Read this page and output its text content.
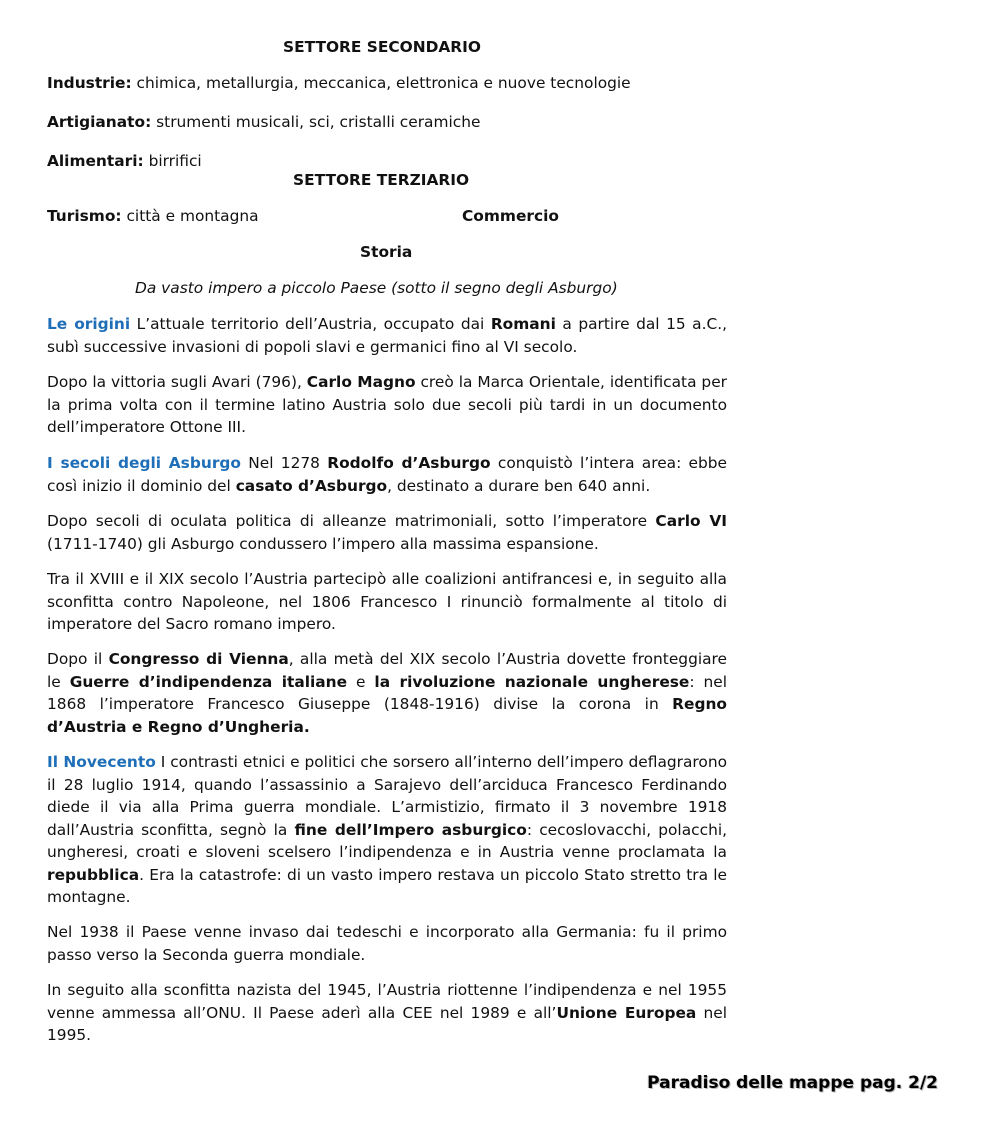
SETTORE SECONDARIO
Industrie: chimica, metallurgia, meccanica, elettronica e nuove tecnologie
Artigianato: strumenti musicali, sci, cristalli ceramiche
Alimentari: birrifici
SETTORE TERZIARIO
Turismo: città e montagna	Commercio
Storia
Da vasto impero a piccolo Paese (sotto il segno degli Asburgo)

Le origini L’attuale territorio dell’Austria, occupato dai Romani a partire dal 15 a.C., subì successive invasioni di popoli slavi e germanici fino al VI secolo.

Dopo la vittoria sugli Avari (796), Carlo Magno creò la Marca Orientale, identificata per la prima volta con il termine latino Austria solo due secoli più tardi in un documento dell’imperatore Ottone III.

I secoli degli Asburgo Nel 1278 Rodolfo d’Asburgo conquistò l’intera area: ebbe così inizio il dominio del casato d’Asburgo, destinato a durare ben 640 anni.

Dopo secoli di oculata politica di alleanze matrimoniali, sotto l’imperatore Carlo VI (1711-1740) gli Asburgo condussero l’impero alla massima espansione.

Tra il XVIII e il XIX secolo l’Austria partecipò alle coalizioni antifrancesi e, in seguito alla sconfitta contro Napoleone, nel 1806 Francesco I rinunciò formalmente al titolo di imperatore del Sacro romano impero.

Dopo il Congresso di Vienna, alla metà del XIX secolo l’Austria dovette fronteggiare le Guerre d’indipendenza italiane e la rivoluzione nazionale ungherese: nel 1868 l’imperatore Francesco Giuseppe (1848-1916) divise la corona in Regno d’Austria e Regno d’Ungheria.

Il Novecento I contrasti etnici e politici che sorsero all’interno dell’impero deflagrarono il 28 luglio 1914, quando l’assassinio a Sarajevo dell’arciduca Francesco Ferdinando diede il via alla Prima guerra mondiale. L’armistizio, firmato il 3 novembre 1918 dall’Austria sconfitta, segnò la fine dell’Impero asburgico: cecoslovacchi, polacchi, ungheresi, croati e sloveni scelsero l’indipendenza e in Austria venne proclamata la repubblica. Era la catastrofe: di un vasto impero restava un piccolo Stato stretto tra le montagne.

Nel 1938 il Paese venne invaso dai tedeschi e incorporato alla Germania: fu il primo passo verso la Seconda guerra mondiale.

In seguito alla sconfitta nazista del 1945, l’Austria riottenne l’indipendenza e nel 1955 venne ammessa all’ONU. Il Paese aderì alla CEE nel 1989 e all’Unione Europea nel 1995.

Paradiso delle mappe pag. 2/2
